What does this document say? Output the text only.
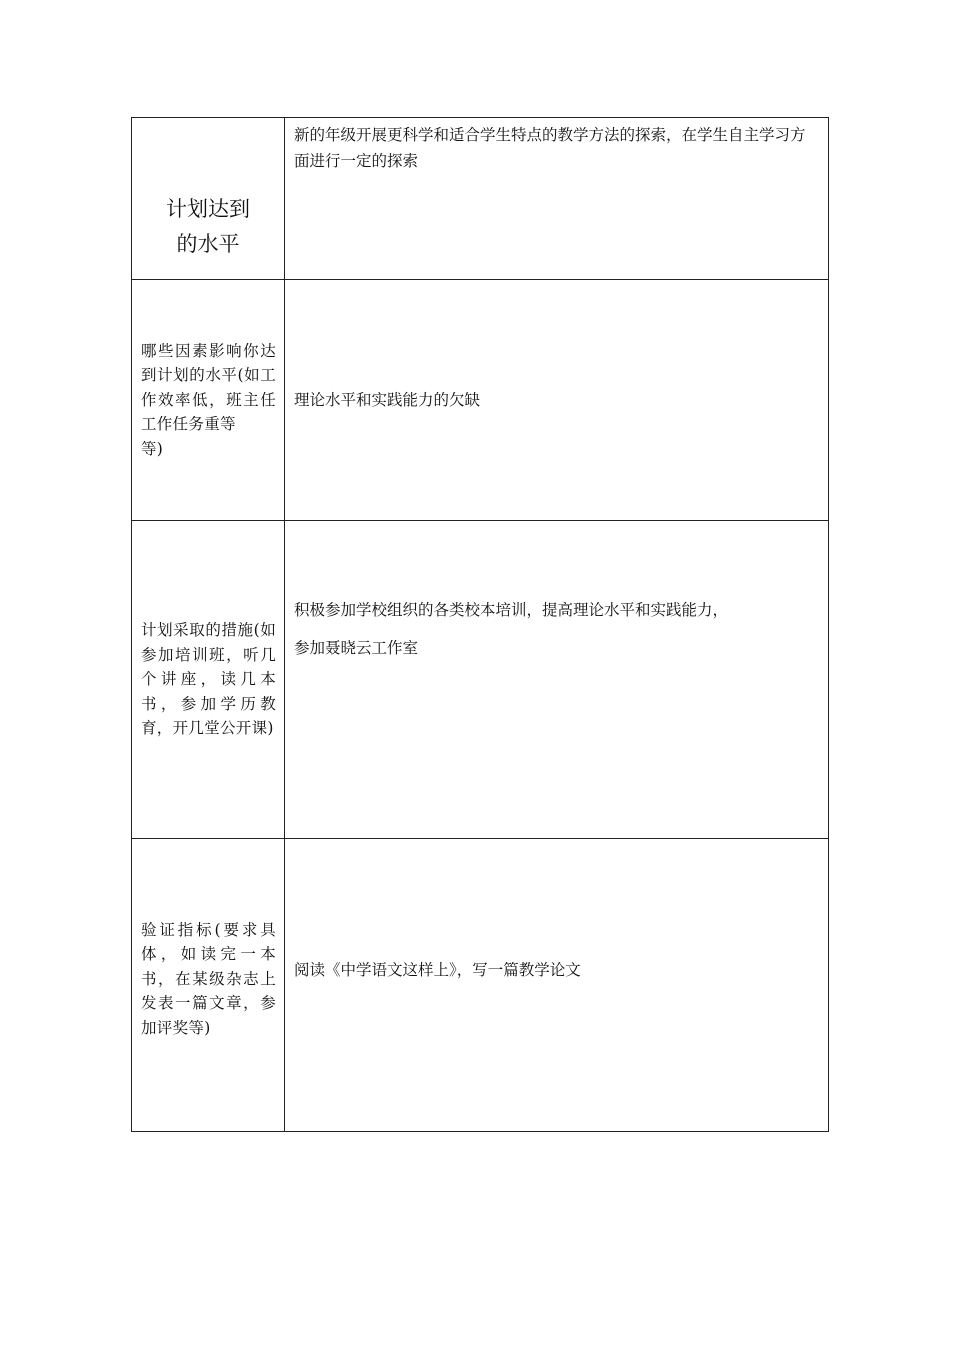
计划达到
的水平	新的年级开展更科学和适合学生特点的教学方法的探索，在学生自主学习方面进行一定的探索
哪些因素影响你达到计划的水平(如工作效率低，班主任工作任务重等
等)	理论水平和实践能力的欠缺

计划采取的措施(如参加培训班，听几个讲座，读几本书，参加学历教育，开几堂公开课)	积极参加学校组织的各类校本培训，提高理论水平和实践能力，
参加聂晓云工作室

验证指标(要求具体，如读完一本书，在某级杂志上发表一篇文章，参加评奖等)	阅读《中学语文这样上》，写一篇教学论文
